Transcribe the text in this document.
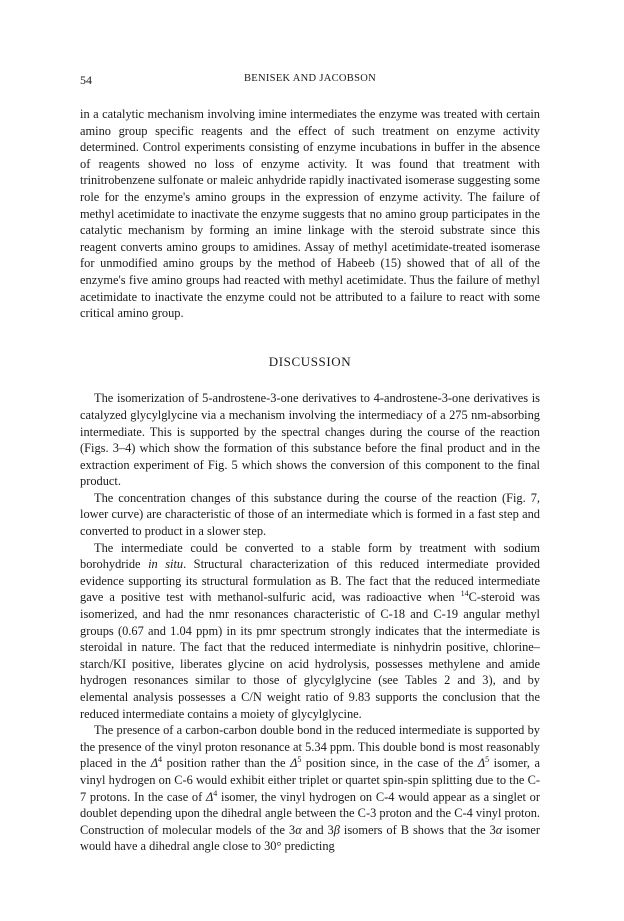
54	BENISEK AND JACOBSON

in a catalytic mechanism involving imine intermediates the enzyme was treated with certain amino group specific reagents and the effect of such treatment on enzyme activity determined. Control experiments consisting of enzyme incubations in buffer in the absence of reagents showed no loss of enzyme activity. It was found that treatment with trinitrobenzene sulfonate or maleic anhydride rapidly inactivated isomerase suggesting some role for the enzyme's amino groups in the expression of enzyme activity. The failure of methyl acetimidate to inactivate the enzyme suggests that no amino group participates in the catalytic mechanism by forming an imine linkage with the steroid substrate since this reagent converts amino groups to amidines. Assay of methyl acetimidate-treated isomerase for unmodified amino groups by the method of Habeeb (15) showed that of all of the enzyme's five amino groups had reacted with methyl acetimidate. Thus the failure of methyl acetimidate to inactivate the enzyme could not be attributed to a failure to react with some critical amino group.

DISCUSSION

The isomerization of 5-androstene-3-one derivatives to 4-androstene-3-one derivatives is catalyzed glycylglycine via a mechanism involving the intermediacy of a 275 nm-absorbing intermediate. This is supported by the spectral changes during the course of the reaction (Figs. 3–4) which show the formation of this substance before the final product and in the extraction experiment of Fig. 5 which shows the conversion of this component to the final product.

The concentration changes of this substance during the course of the reaction (Fig. 7, lower curve) are characteristic of those of an intermediate which is formed in a fast step and converted to product in a slower step.

The intermediate could be converted to a stable form by treatment with sodium borohydride in situ. Structural characterization of this reduced intermediate provided evidence supporting its structural formulation as B. The fact that the reduced intermediate gave a positive test with methanol-sulfuric acid, was radioactive when $^{14}$C-steroid was isomerized, and had the nmr resonances characteristic of C-18 and C-19 angular methyl groups (0.67 and 1.04 ppm) in its pmr spectrum strongly indicates that the intermediate is steroidal in nature. The fact that the reduced intermediate is ninhydrin positive, chlorine–starch/KI positive, liberates glycine on acid hydrolysis, possesses methylene and amide hydrogen resonances similar to those of glycylglycine (see Tables 2 and 3), and by elemental analysis possesses a C/N weight ratio of 9.83 supports the conclusion that the reduced intermediate contains a moiety of glycylglycine.

The presence of a carbon-carbon double bond in the reduced intermediate is supported by the presence of the vinyl proton resonance at 5.34 ppm. This double bond is most reasonably placed in the $\Delta^4$ position rather than the $\Delta^5$ position since, in the case of the $\Delta^5$ isomer, a vinyl hydrogen on C-6 would exhibit either triplet or quartet spin-spin splitting due to the C-7 protons. In the case of $\Delta^4$ isomer, the vinyl hydrogen on C-4 would appear as a singlet or doublet depending upon the dihedral angle between the C-3 proton and the C-4 vinyl proton. Construction of molecular models of the 3α and 3β isomers of B shows that the 3α isomer would have a dihedral angle close to 30° predicting
